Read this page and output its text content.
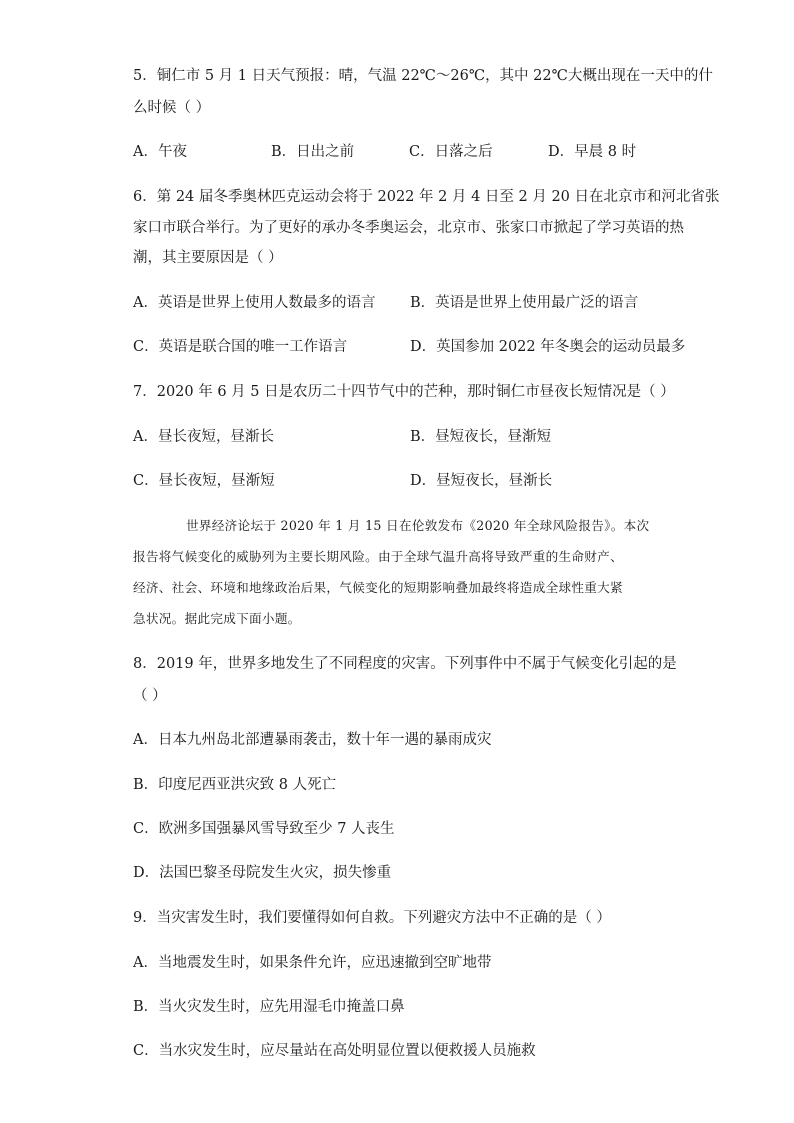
5．铜仁市 5 月 1 日天气预报：晴，气温 22℃～26℃，其中 22℃大概出现在一天中的什
么时候（ ）
A．午夜	B．日出之前	C．日落之后	D．早晨 8 时
6．第 24 届冬季奥林匹克运动会将于 2022 年 2 月 4 日至 2 月 20 日在北京市和河北省张
家口市联合举行。为了更好的承办冬季奥运会，北京市、张家口市掀起了学习英语的热
潮，其主要原因是（ ）
A．英语是世界上使用人数最多的语言 B．英语是世界上使用最广泛的语言
C．英语是联合国的唯一工作语言	D．英国参加 2022 年冬奥会的运动员最多
7．2020 年 6 月 5 日是农历二十四节气中的芒种，那时铜仁市昼夜长短情况是（ ）
A．昼长夜短，昼渐长	B．昼短夜长，昼渐短
C．昼长夜短，昼渐短	D．昼短夜长，昼渐长
世界经济论坛于 2020 年 1 月 15 日在伦敦发布《2020 年全球风险报告》。本次
报告将气候变化的威胁列为主要长期风险。由于全球气温升高将导致严重的生命财产、
经济、社会、环境和地缘政治后果，气候变化的短期影响叠加最终将造成全球性重大紧
急状况。据此完成下面小题。
8．2019 年，世界多地发生了不同程度的灾害。下列事件中不属于气候变化引起的是
（ ）
A．日本九州岛北部遭暴雨袭击，数十年一遇的暴雨成灾
B．印度尼西亚洪灾致 8 人死亡
C．欧洲多国强暴风雪导致至少 7 人丧生
D．法国巴黎圣母院发生火灾，损失惨重
9．当灾害发生时，我们要懂得如何自救。下列避灾方法中不正确的是（ ）
A．当地震发生时，如果条件允许，应迅速撤到空旷地带
B．当火灾发生时，应先用湿毛巾掩盖口鼻
C．当水灾发生时，应尽量站在高处明显位置以便救援人员施救
